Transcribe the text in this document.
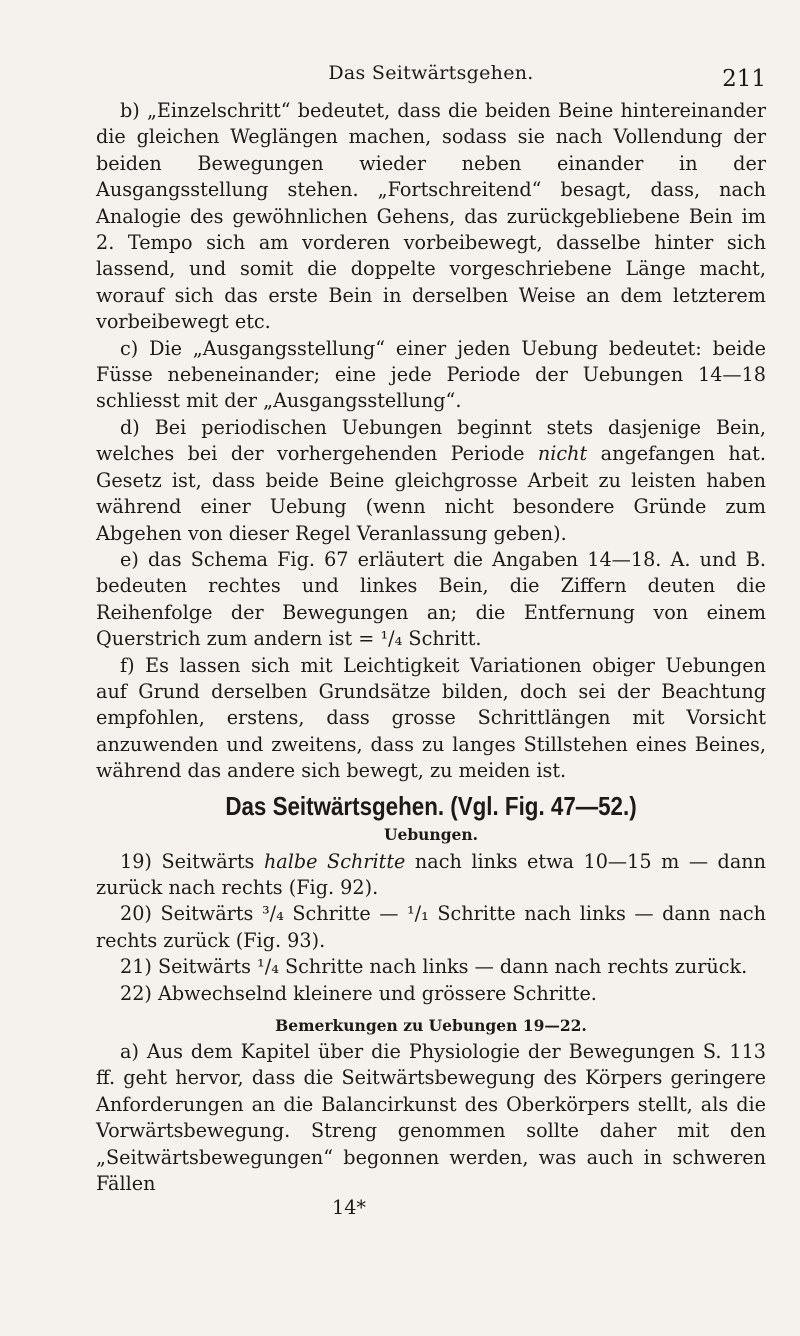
Das Seitwärtsgehen.	211

b) „Einzelschritt“ bedeutet, dass die beiden Beine hintereinander die gleichen Weglängen machen, sodass sie nach Vollendung der beiden Bewegungen wieder neben einander in der Ausgangsstellung stehen. „Fortschreitend“ besagt, dass, nach Analogie des gewöhnlichen Gehens, das zurückgebliebene Bein im 2. Tempo sich am vorderen vorbeibewegt, dasselbe hinter sich lassend, und somit die doppelte vorgeschriebene Länge macht, worauf sich das erste Bein in derselben Weise an dem letzterem vorbeibewegt etc.

c) Die „Ausgangsstellung“ einer jeden Uebung bedeutet: beide Füsse nebeneinander; eine jede Periode der Uebungen 14—18 schliesst mit der „Ausgangsstellung“.

d) Bei periodischen Uebungen beginnt stets dasjenige Bein, welches bei der vorhergehenden Periode nicht angefangen hat. Gesetz ist, dass beide Beine gleichgrosse Arbeit zu leisten haben während einer Uebung (wenn nicht besondere Gründe zum Abgehen von dieser Regel Veranlassung geben).

e) das Schema Fig. 67 erläutert die Angaben 14—18. A. und B. bedeuten rechtes und linkes Bein, die Ziffern deuten die Reihenfolge der Bewegungen an; die Entfernung von einem Querstrich zum andern ist = ¹/₄ Schritt.

f) Es lassen sich mit Leichtigkeit Variationen obiger Uebungen auf Grund derselben Grundsätze bilden, doch sei der Beachtung empfohlen, erstens, dass grosse Schrittlängen mit Vorsicht anzuwenden und zweitens, dass zu langes Stillstehen eines Beines, während das andere sich bewegt, zu meiden ist.

Das Seitwärtsgehen. (Vgl. Fig. 47—52.)
Uebungen.

19) Seitwärts halbe Schritte nach links etwa 10—15 m — dann zurück nach rechts (Fig. 92).

20) Seitwärts ³/₄ Schritte — ¹/₁ Schritte nach links — dann nach rechts zurück (Fig. 93).

21) Seitwärts ¹/₄ Schritte nach links — dann nach rechts zurück.

22) Abwechselnd kleinere und grössere Schritte.

Bemerkungen zu Uebungen 19—22.

a) Aus dem Kapitel über die Physiologie der Bewegungen S. 113 ff. geht hervor, dass die Seitwärtsbewegung des Körpers geringere Anforderungen an die Balancirkunst des Oberkörpers stellt, als die Vorwärtsbewegung. Streng genommen sollte daher mit den „Seitwärtsbewegungen“ begonnen werden, was auch in schweren Fällen

14*
